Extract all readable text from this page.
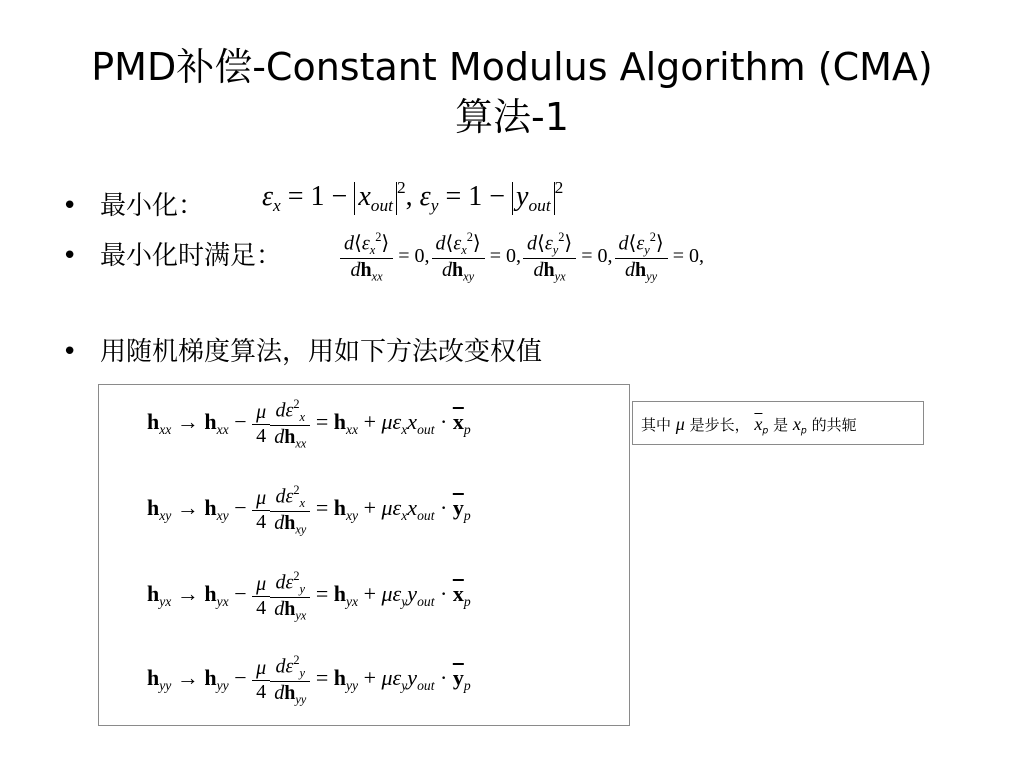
PMD补偿-Constant Modulus Algorithm (CMA)
算法-1
• 最小化： $\varepsilon_x = 1 - x_{out}^2$, $\varepsilon_y = 1 - y_{out}^2$
• 最小化时满足：	$\frac{d⟨\varepsilon_x^2⟩}{dh_{xx}} = 0$, $\frac{d⟨\varepsilon_x^2⟩}{dh_{xy}} = 0$, $\frac{d⟨\varepsilon_y^2⟩}{dh_{yx}} = 0$, $\frac{d⟨\varepsilon_y^2⟩}{dh_{yy}} = 0$,
• 用随机梯度算法，用如下方法改变权值
$h_{xx} \to h_{xx} - \frac{\mu}{4} \frac{d\varepsilon^2_x}{dh_{xx}} = h_{xx} + \mu\varepsilon_xx_{out} \cdot \overline{x}_p$
$h_{xy} \to h_{xy} - \frac{\mu}{4} \frac{d\varepsilon^2_x}{dh_{xy}} = h_{xy} + \mu\varepsilon_xx_{out} \cdot \overline{y}_p$
$h_{yx} \to h_{yx} - \frac{\mu}{4} \frac{d\varepsilon^2_y}{dh_{yx}} = h_{yx} + \mu\varepsilon_yy_{out} \cdot \overline{x}_p$
$h_{yy} \to h_{yy} - \frac{\mu}{4} \frac{d\varepsilon^2_y}{dh_{yy}} = h_{yy} + \mu\varepsilon_yy_{out} \cdot \overline{y}_p$
其中 μ 是步长， $\overline{x}_p$ 是 $x_p$ 的共轭
